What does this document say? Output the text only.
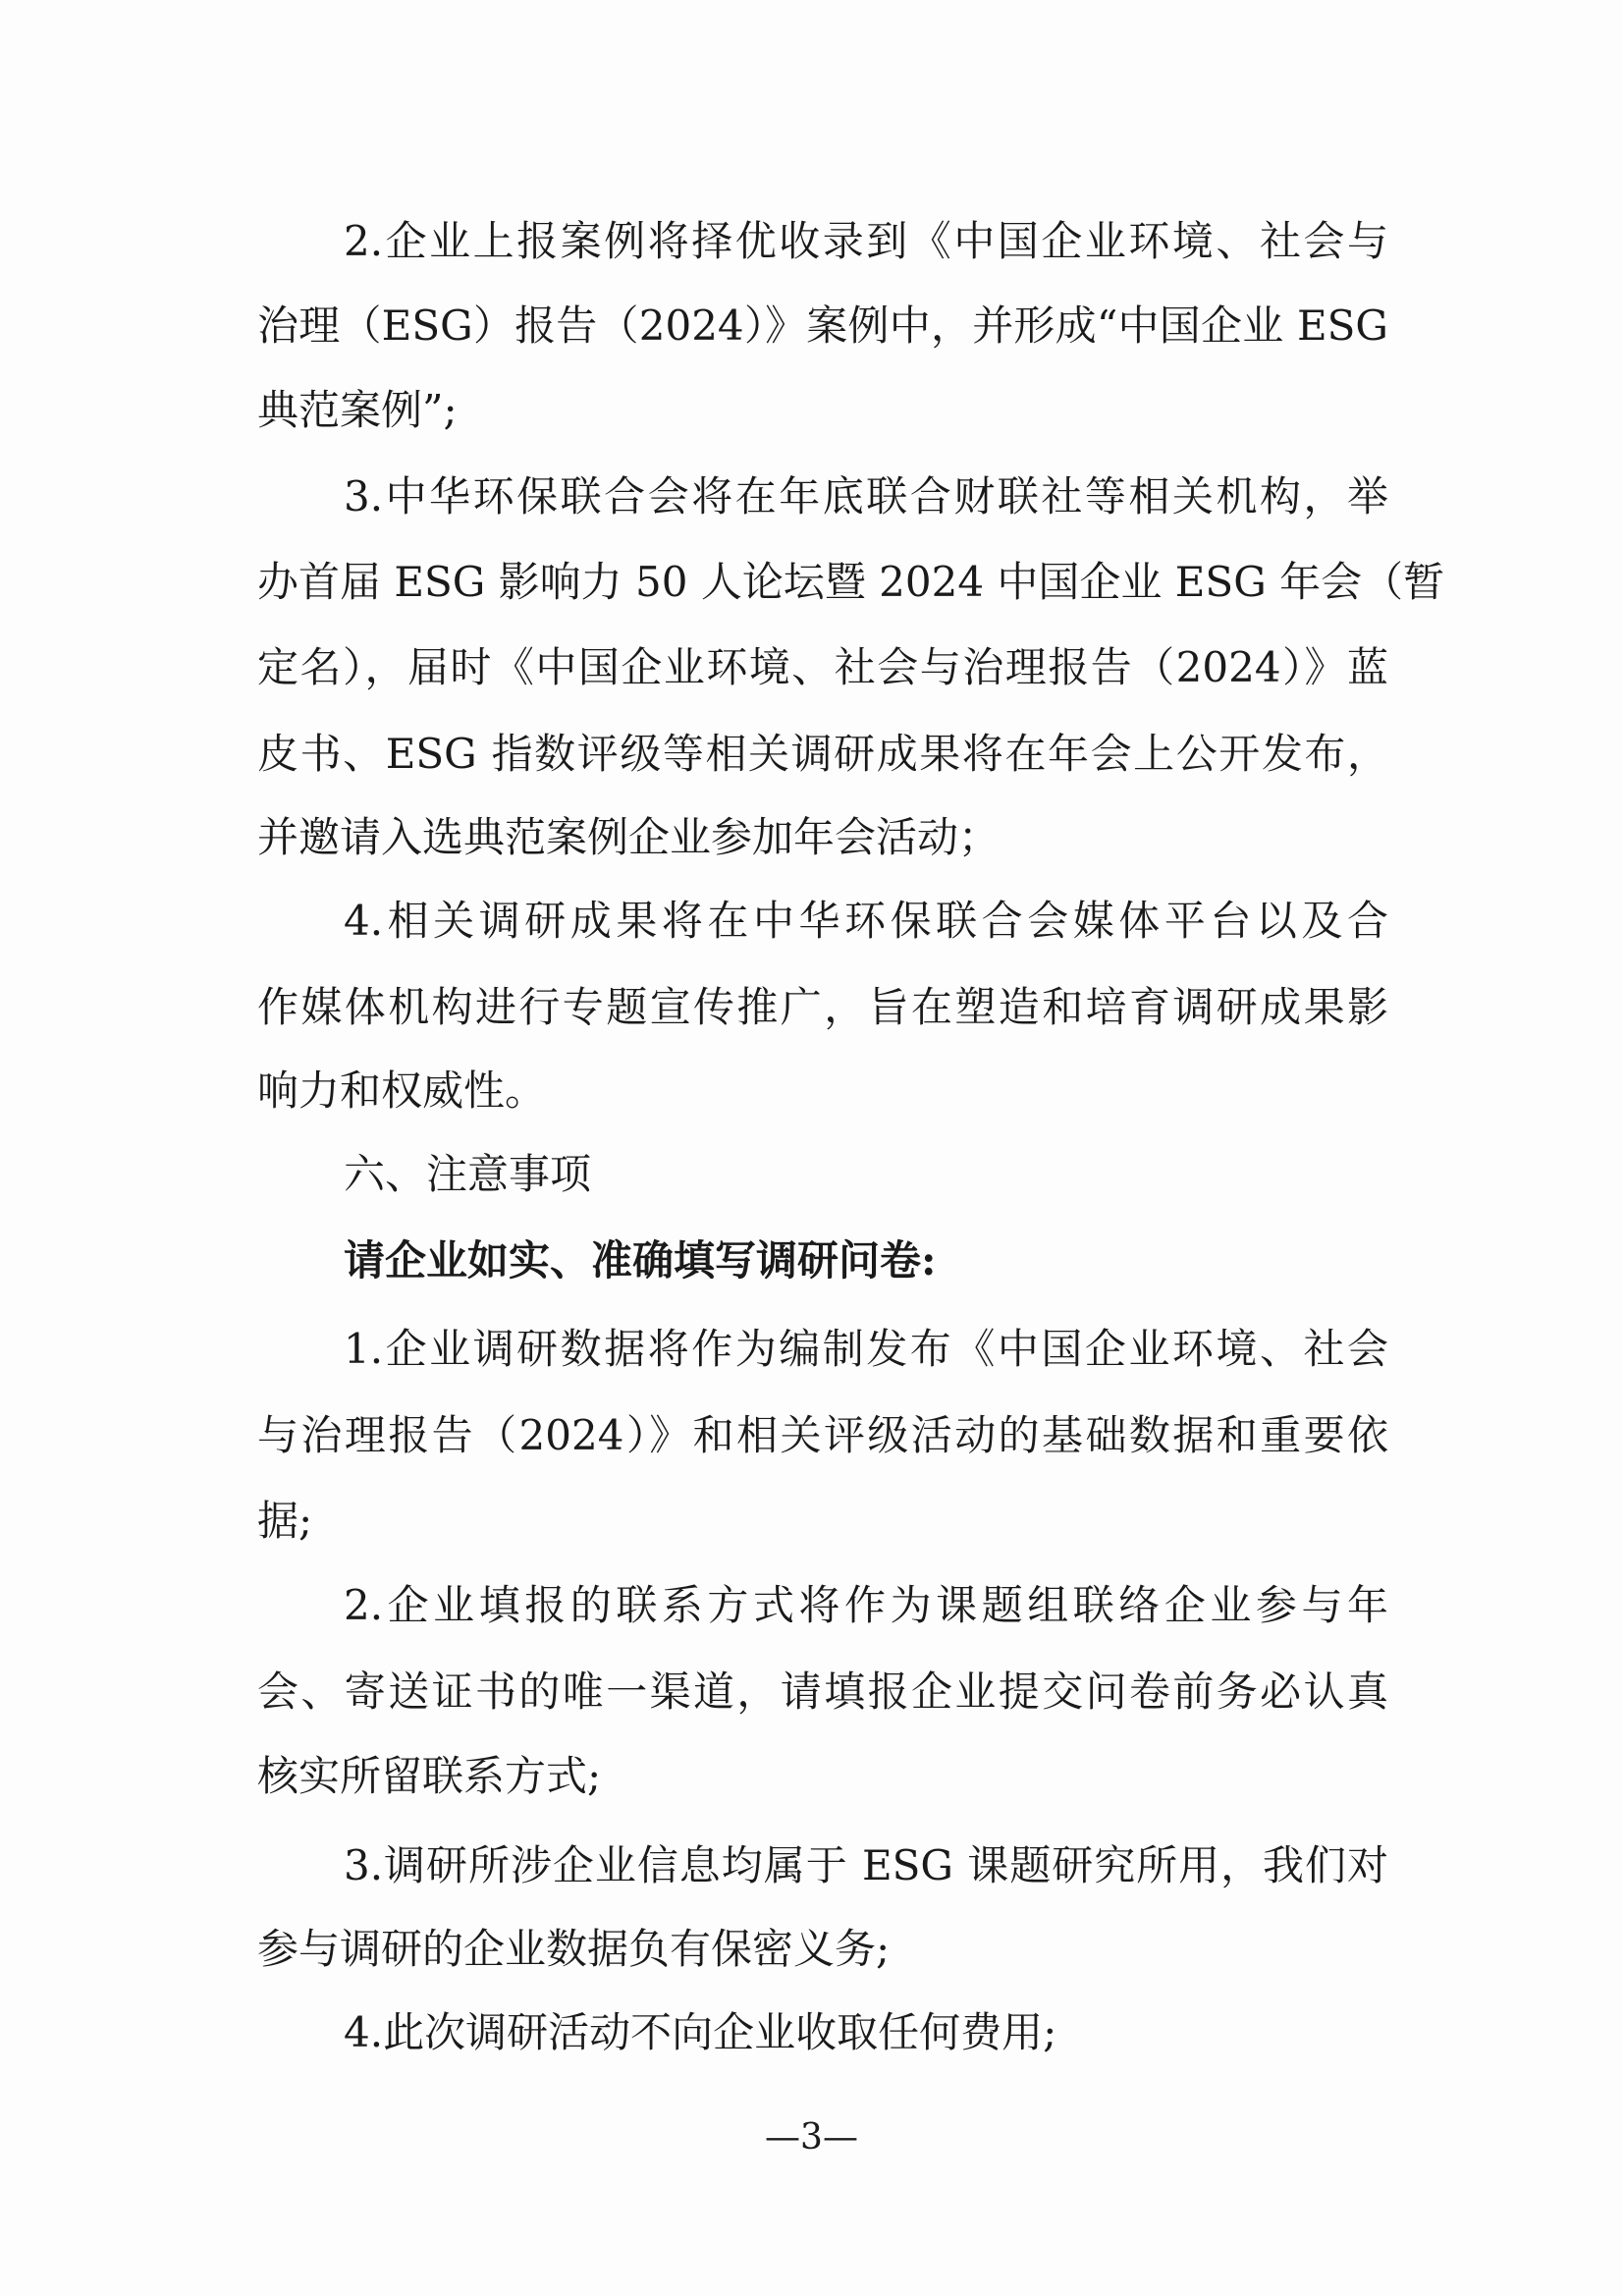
2.企业上报案例将择优收录到《中国企业环境、社会与
治理（ESG）报告（2024）》案例中，并形成“中国企业 ESG
典范案例”;
3.中华环保联合会将在年底联合财联社等相关机构，举
办首届 ESG 影响力 50 人论坛暨 2024 中国企业 ESG 年会（暂
定名），届时《中国企业环境、社会与治理报告（2024）》蓝
皮书、ESG 指数评级等相关调研成果将在年会上公开发布，
并邀请入选典范案例企业参加年会活动；
4.相关调研成果将在中华环保联合会媒体平台以及合
作媒体机构进行专题宣传推广，旨在塑造和培育调研成果影
响力和权威性。
六、注意事项
请企业如实、准确填写调研问卷:
1.企业调研数据将作为编制发布《中国企业环境、社会
与治理报告（2024）》和相关评级活动的基础数据和重要依
据;
2.企业填报的联系方式将作为课题组联络企业参与年
会、寄送证书的唯一渠道，请填报企业提交问卷前务必认真
核实所留联系方式;
3.调研所涉企业信息均属于 ESG 课题研究所用，我们对
参与调研的企业数据负有保密义务;
4.此次调研活动不向企业收取任何费用;
—3—
